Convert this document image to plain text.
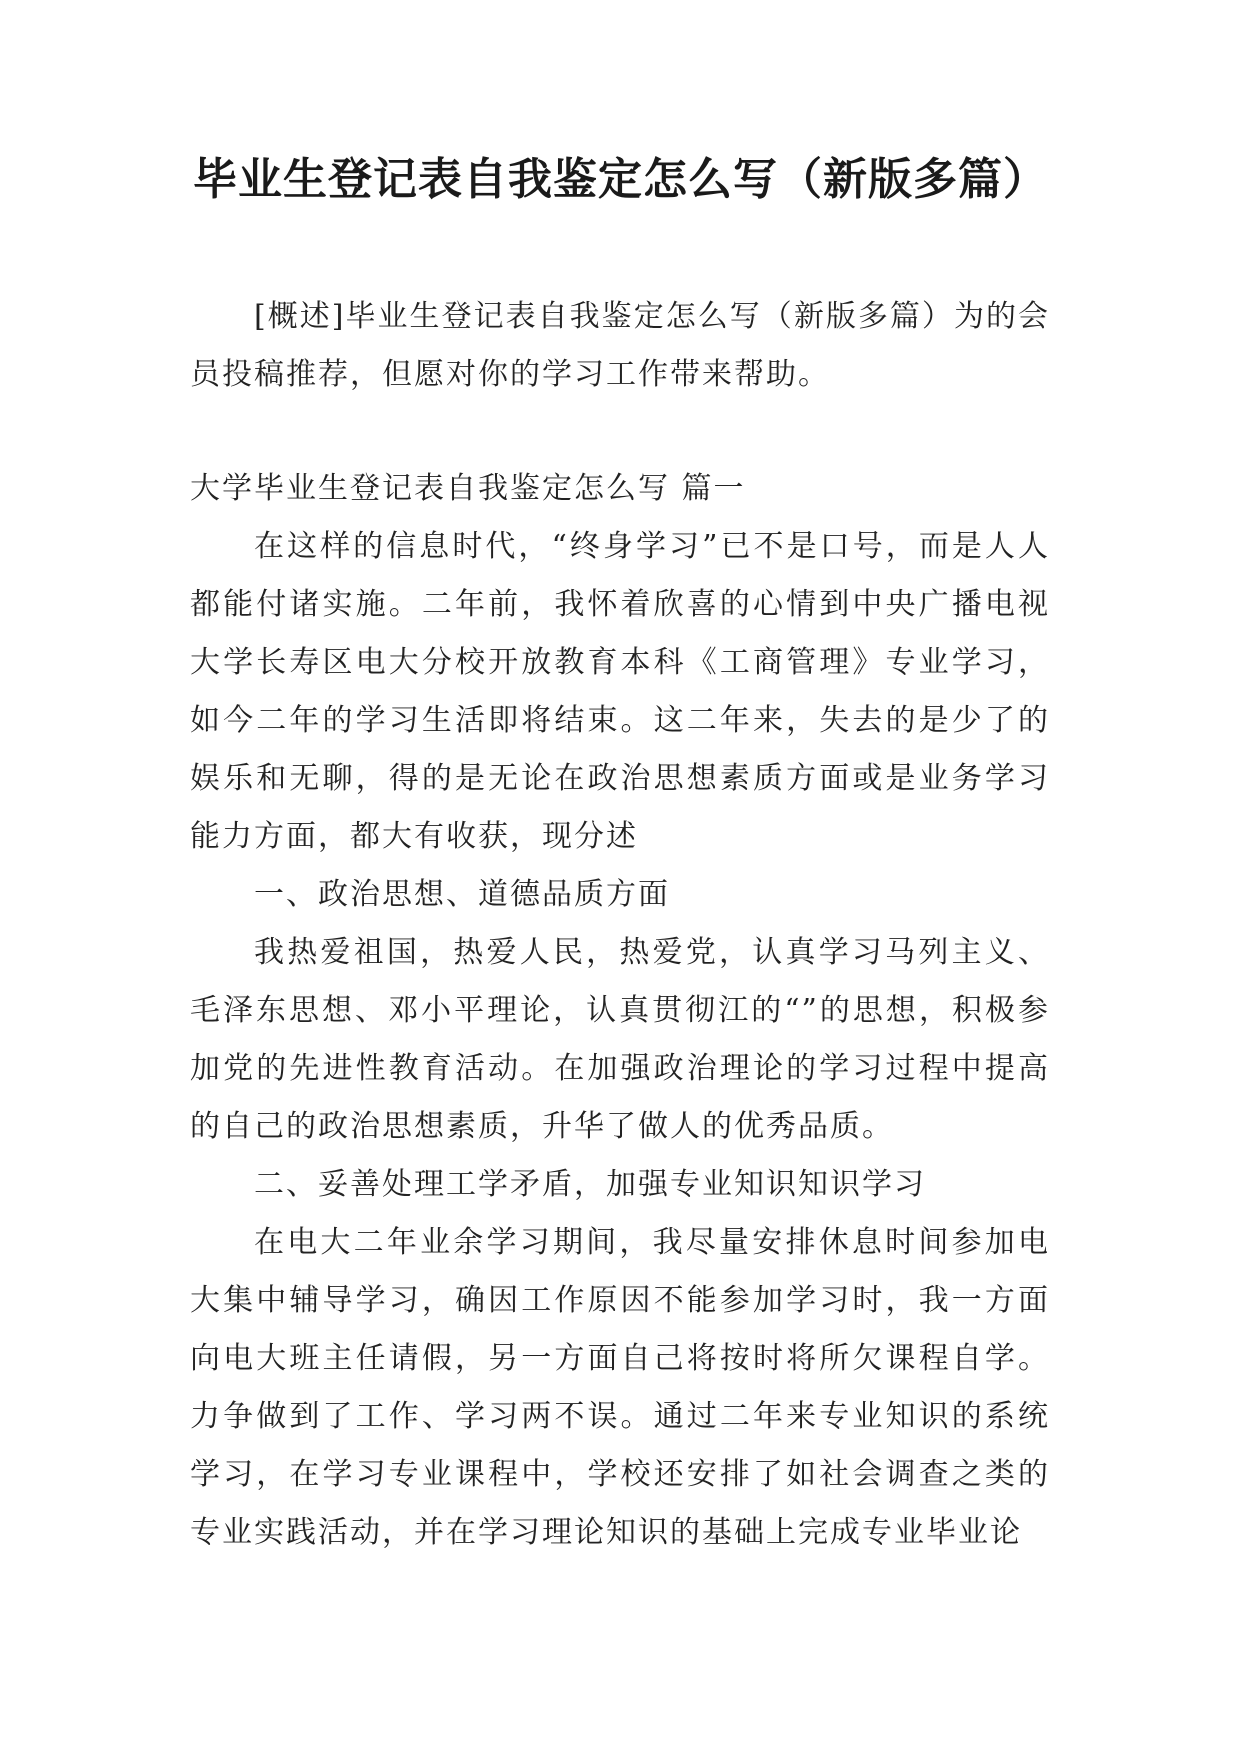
毕业生登记表自我鉴定怎么写（新版多篇）

[概述]毕业生登记表自我鉴定怎么写（新版多篇）为的会员投稿推荐，但愿对你的学习工作带来帮助。

大学毕业生登记表自我鉴定怎么写 篇一

在这样的信息时代，“终身学习”已不是口号，而是人人都能付诸实施。二年前，我怀着欣喜的心情到中央广播电视大学长寿区电大分校开放教育本科《工商管理》专业学习，如今二年的学习生活即将结束。这二年来，失去的是少了的娱乐和无聊，得的是无论在政治思想素质方面或是业务学习能力方面，都大有收获，现分述

一、政治思想、道德品质方面

我热爱祖国，热爱人民，热爱党，认真学习马列主义、毛泽东思想、邓小平理论，认真贯彻江的“”的思想，积极参加党的先进性教育活动。在加强政治理论的学习过程中提高的自己的政治思想素质，升华了做人的优秀品质。

二、妥善处理工学矛盾，加强专业知识知识学习

在电大二年业余学习期间，我尽量安排休息时间参加电大集中辅导学习，确因工作原因不能参加学习时，我一方面向电大班主任请假，另一方面自己将按时将所欠课程自学。力争做到了工作、学习两不误。通过二年来专业知识的系统学习，在学习专业课程中，学校还安排了如社会调查之类的专业实践活动，并在学习理论知识的基础上完成专业毕业论
